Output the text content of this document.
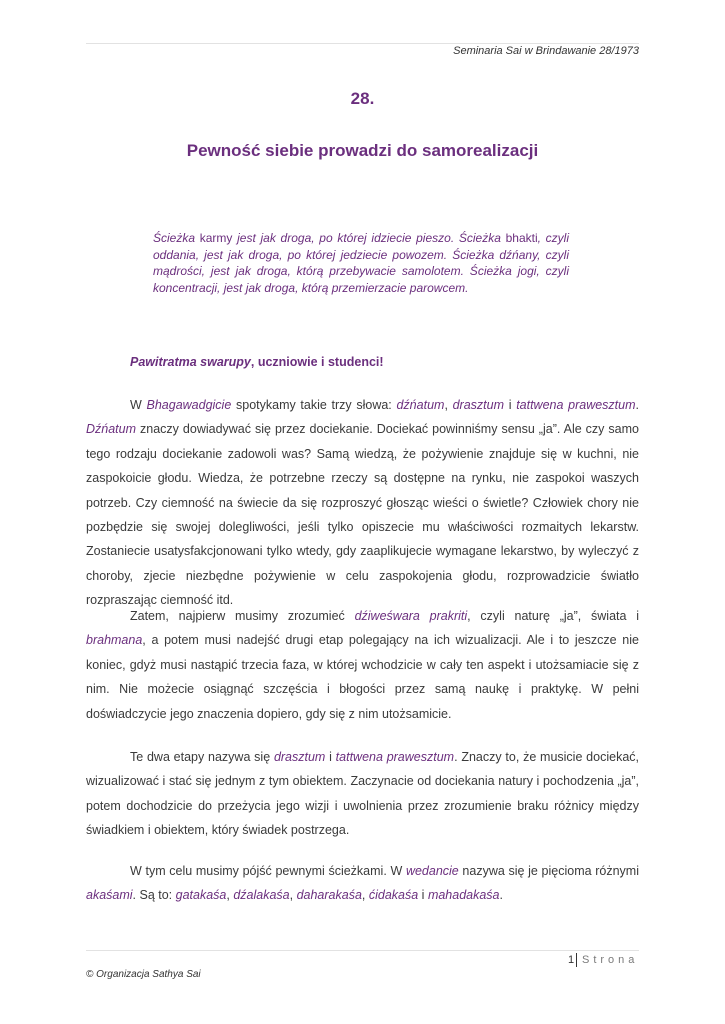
Seminaria Sai w Brindawanie 28/1973
28.
Pewność siebie prowadzi do samorealizacji
Ścieżka karmy jest jak droga, po której idziecie pieszo. Ścieżka bhakti, czyli oddania, jest jak droga, po której jedziecie powozem. Ścieżka dźńany, czyli mądrości, jest jak droga, którą przebywacie samolotem. Ścieżka jogi, czyli koncentracji, jest jak droga, którą przemierzacie parowcem.
Pawitratma swarupy, uczniowie i studenci!

W Bhagawadgicie spotykamy takie trzy słowa: dźńatum, drasztum i tattwena prawesztum. Dźńatum znaczy dowiadywać się przez dociekanie. Dociekać powinniśmy sensu „ja”. Ale czy samo tego rodzaju dociekanie zadowoli was? Samą wiedzą, że pożywienie znajduje się w kuchni, nie zaspokoicie głodu. Wiedza, że potrzebne rzeczy są dostępne na rynku, nie zaspokoi waszych potrzeb. Czy ciemność na świecie da się rozproszyć głosząc wieści o świetle? Człowiek chory nie pozbędzie się swojej dolegliwości, jeśli tylko opiszecie mu właściwości rozmaitych lekarstw. Zostaniecie usatysfakcjonowani tylko wtedy, gdy zaaplikujecie wymagane lekarstwo, by wyleczyć z choroby, zjecie niezbędne pożywienie w celu zaspokojenia głodu, rozprowadzicie światło rozpraszając ciemność itd.

Zatem, najpierw musimy zrozumieć dźiweśwara prakriti, czyli naturę „ja”, świata i brahmana, a potem musi nadejść drugi etap polegający na ich wizualizacji. Ale i to jeszcze nie koniec, gdyż musi nastąpić trzecia faza, w której wchodzicie w cały ten aspekt i utożsamiacie się z nim. Nie możecie osiągnąć szczęścia i błogości przez samą naukę i praktykę. W pełni doświadczycie jego znaczenia dopiero, gdy się z nim utożsamicie.

Te dwa etapy nazywa się drasztum i tattwena prawesztum. Znaczy to, że musicie dociekać, wizualizować i stać się jednym z tym obiektem. Zaczynacie od dociekania natury i pochodzenia „ja”, potem dochodzicie do przeżycia jego wizji i uwolnienia przez zrozumienie braku różnicy między świadkiem i obiektem, który świadek postrzega.

W tym celu musimy pójść pewnymi ścieżkami. W wedancie nazywa się je pięcioma różnymi akaśami. Są to: gatakaśa, dźalakaśa, daharakaśa, ćidakaśa i mahadakaśa.

1 Strona
© Organizacja Sathya Sai
